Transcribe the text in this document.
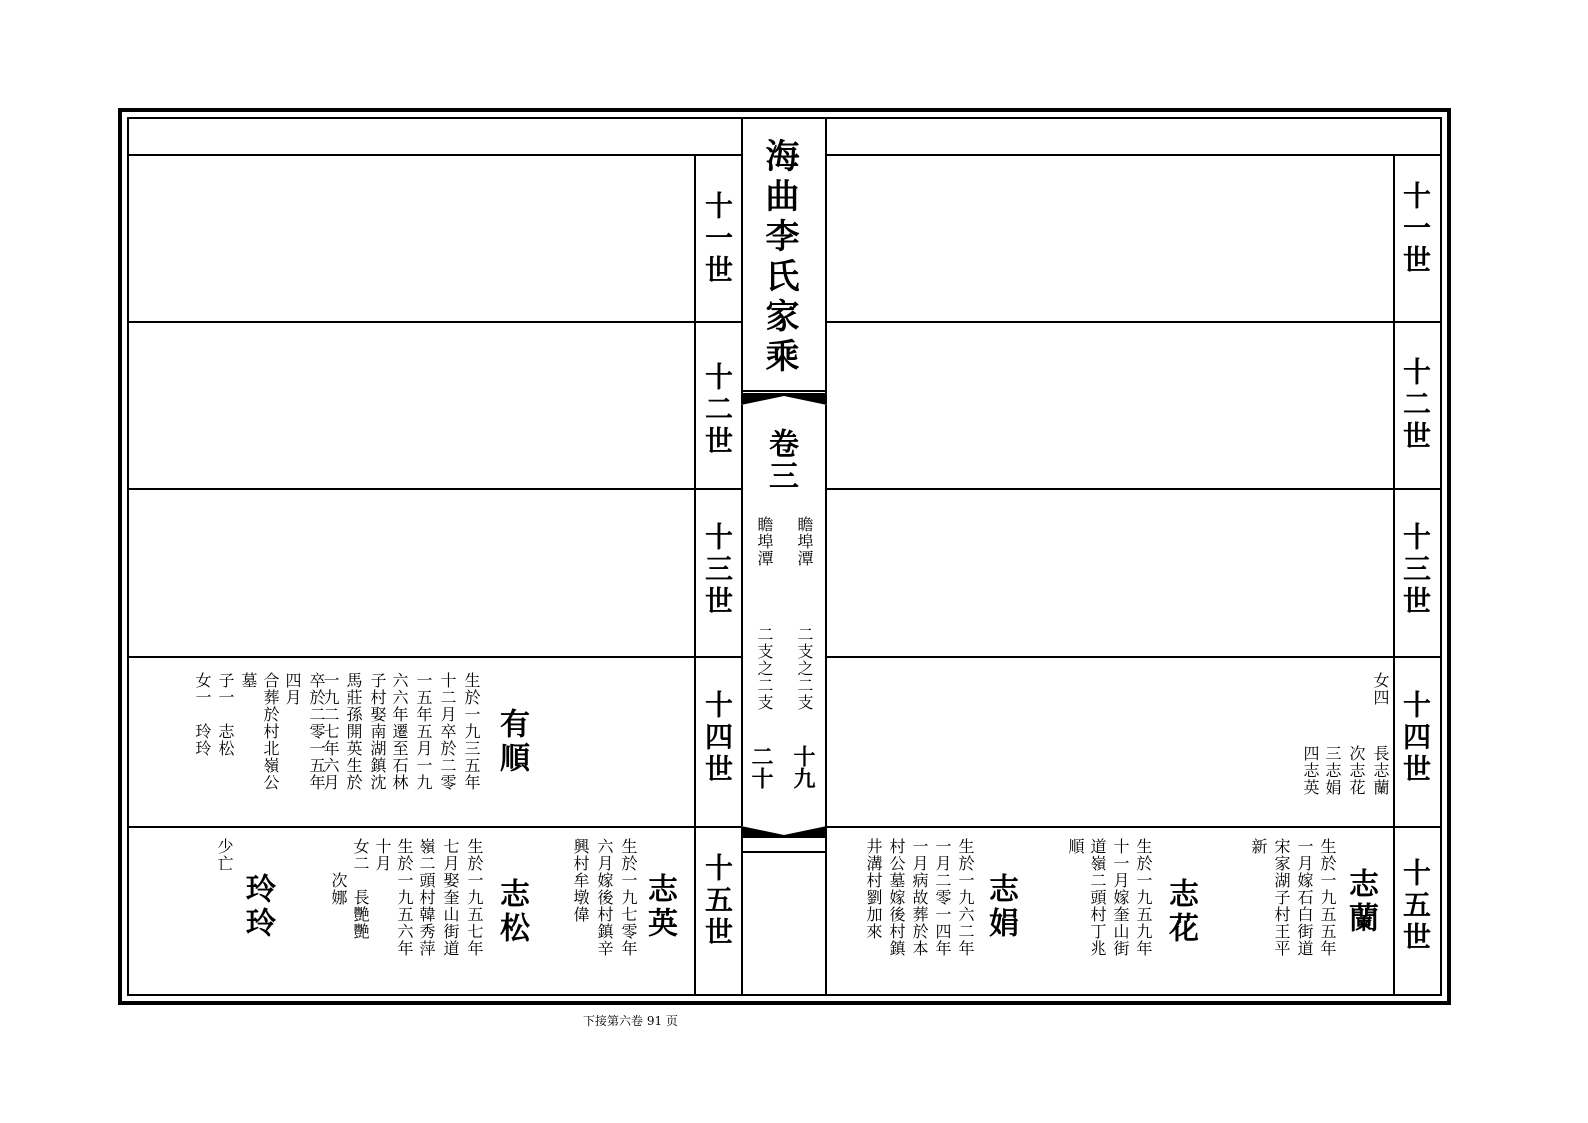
海曲李氏家乘
卷三
瞻埠潭
二支之二支
二十
瞻埠潭
二支之二支
十九
十一世
十二世
十三世
十四世
十五世
十一世
十二世
十三世
十四世
十五世
有順
生於一九三五年
十二月卒於二零
一五年五月一九
六六年遷至石林
子村娶南湖鎮沈
馬莊孫開英生於
一九二七年六月
卒於二零一五年
四月
合葬於村北嶺公
墓
子一　志松
女一　玲玲
志英
生於一九七零年
六月嫁後村鎮辛
興村牟墩偉
志松
生於一九五七年
七月娶奎山街道
嶺二頭村韓秀萍
生於一九五六年
十月
女二　長艷艷
　　次娜
玲玲
少亡
長志蘭
次志花
三志娟
四志英
女四
志蘭
生於一九五五年
一月嫁石白街道
宋家湖子村王平
新
志花
生於一九五九年
十一月嫁奎山街
道嶺二頭村丁兆
順
志娟
生於一九六二年
一月二零一四年
一月病故葬於本
村公墓嫁後村鎮
井溝村劉加來
下接第六卷 91 页
